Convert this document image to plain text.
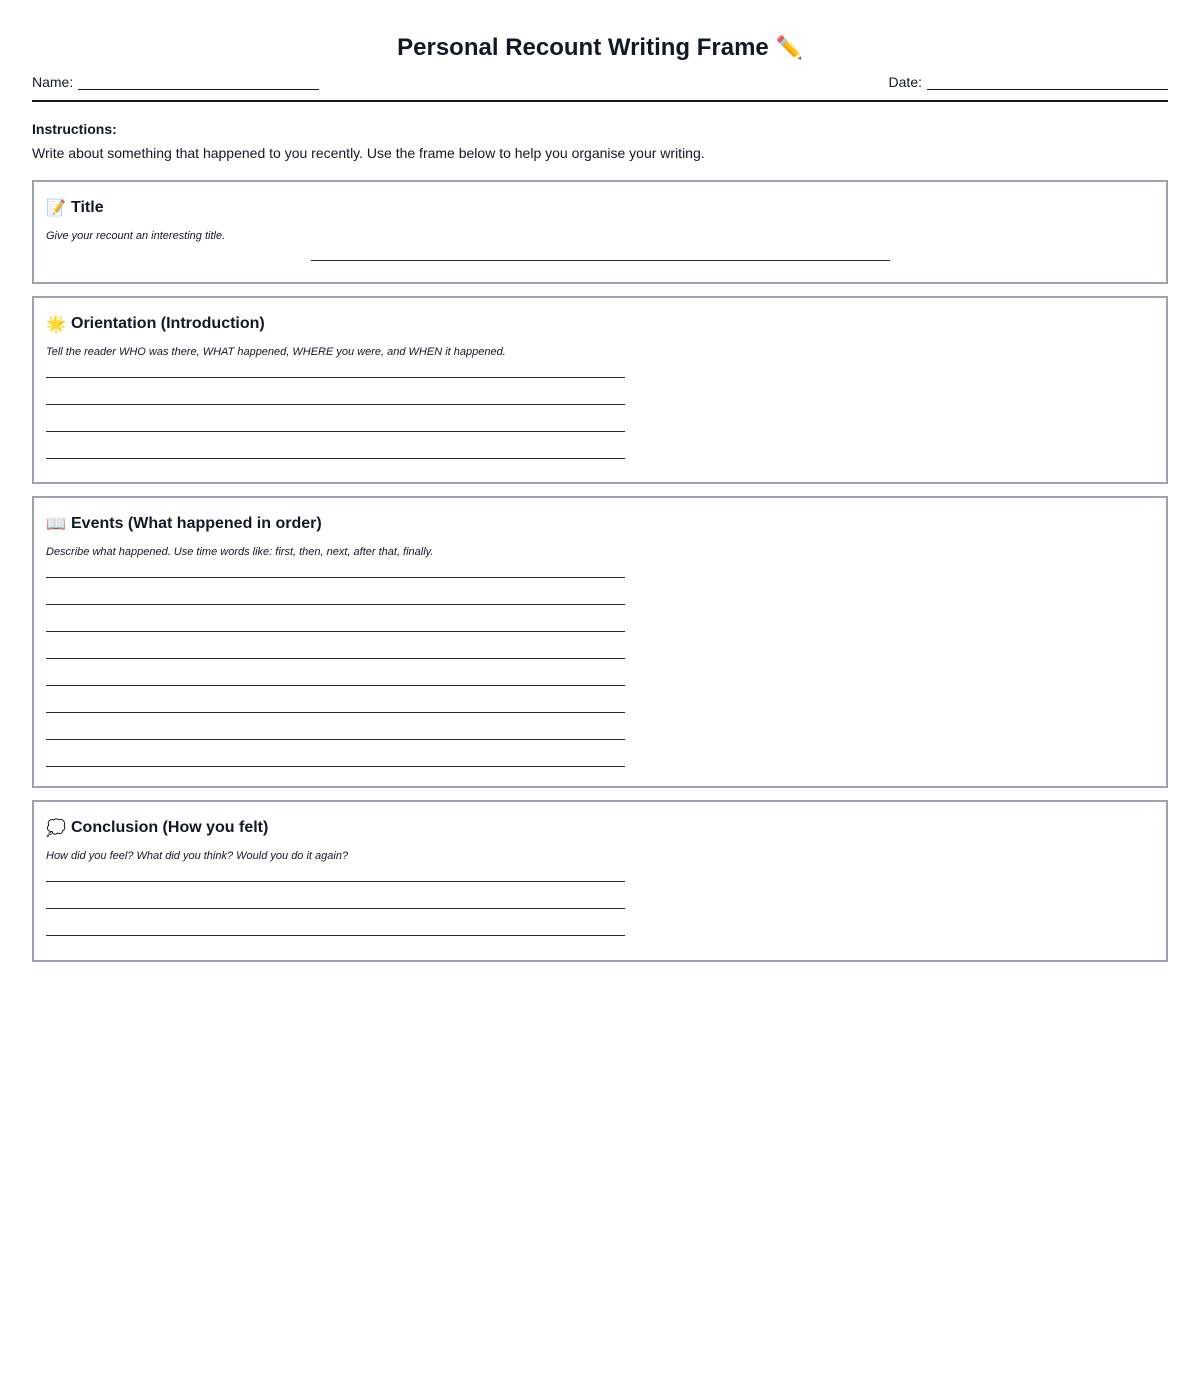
Personal Recount Writing Frame ✏️
Name:	Date:
Instructions:
Write about something that happened to you recently. Use the frame below to help you organise your writing.
📝 Title
Give your recount an interesting title.
🌟 Orientation (Introduction)
Tell the reader WHO was there, WHAT happened, WHERE you were, and WHEN it happened.
📖 Events (What happened in order)
Describe what happened. Use time words like: first, then, next, after that, finally.
💭 Conclusion (How you felt)
How did you feel? What did you think? Would you do it again?
